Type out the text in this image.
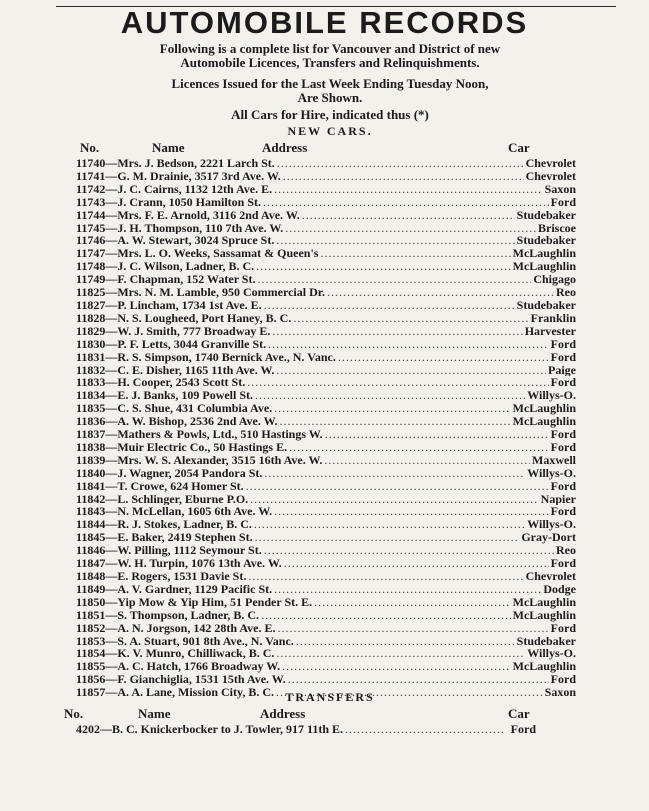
AUTOMOBILE RECORDS
Following is a complete list for Vancouver and District of new
Automobile Licences, Transfers and Relinquishments.
Licences Issued for the Last Week Ending Tuesday Noon,
Are Shown.
All Cars for Hire, indicated thus (*)
NEW CARS.
No.	Name	Address	Car
11740—Mrs. J. Bedson, 2221 Larch St. .....	Chevrolet
11741—G. M. Drainie, 3517 3rd Ave. W. .....	Chevrolet
11742—J. C. Cairns, 1132 12th Ave. E. .....	Saxon
11743—J. Crann, 1050 Hamilton St. .....	Ford
11744—Mrs. F. E. Arnold, 3116 2nd Ave. W. .....	Studebaker
11745—J. H. Thompson, 110 7th Ave. W. .....	Briscoe
11746—A. W. Stewart, 3024 Spruce St. .....	Studebaker
11747—Mrs. L. O. Weeks, Sassamat & Queen's .....	McLaughlin
11748—J. C. Wilson, Ladner, B. C. .....	McLaughlin
11749—F. Chapman, 152 Water St. .....	Chigago
11825—Mrs. N. M. Lamble, 950 Commercial Dr. .....	Reo
11827—P. Lincham, 1734 1st Ave. E. .....	Studebaker
11828—N. S. Lougheed, Port Haney, B. C. .....	Franklin
11829—W. J. Smith, 777 Broadway E. .....	Harvester
11830—P. F. Letts, 3044 Granville St. .....	Ford
11831—R. S. Simpson, 1740 Bernick Ave., N. Vanc. .....	Ford
11832—C. E. Disher, 1165 11th Ave. W. .....	Paige
11833—H. Cooper, 2543 Scott St. .....	Ford
11834—E. J. Banks, 109 Powell St. .....	Willys-O.
11835—C. S. Shue, 431 Columbia Ave. .....	McLaughlin
11836—A. W. Bishop, 2536 2nd Ave. W. .....	McLaughlin
11837—Mathers & Powls, Ltd., 510 Hastings W. .....	Ford
11838—Muir Electric Co., 50 Hastings E. .....	Ford
11839—Mrs. W. S. Alexander, 3515 16th Ave. W. .....	Maxwell
11840—J. Wagner, 2054 Pandora St. .....	Willys-O.
11841—T. Crowe, 624 Homer St. .....	Ford
11842—L. Schlinger, Eburne P.O. .....	Napier
11843—N. McLellan, 1605 6th Ave. W. .....	Ford
11844—R. J. Stokes, Ladner, B. C. .....	Willys-O.
11845—E. Baker, 2419 Stephen St. .....	Gray-Dort
11846—W. Pilling, 1112 Seymour St. .....	Reo
11847—W. H. Turpin, 1076 13th Ave. W. .....	Ford
11848—E. Rogers, 1531 Davie St. .....	Chevrolet
11849—A. V. Gardner, 1129 Pacific St. .....	Dodge
11850—Yip Mow & Yip Him, 51 Pender St. E. .....	McLaughlin
11851—S. Thompson, Ladner, B. C. .....	McLaughlin
11852—A. N. Jorgson, 142 28th Ave. E. .....	Ford
11853—S. A. Stuart, 901 8th Ave., N. Vanc. .....	Studebaker
11854—K. V. Munro, Chilliwack, B. C. .....	Willys-O.
11855—A. C. Hatch, 1766 Broadway W. .....	McLaughlin
11856—F. Gianchiglia, 1531 15th Ave. W. .....	Ford
11857—A. A. Lane, Mission City, B. C. .....	Saxon
TRANSFERS
No.	Name	Address	Car
4202—B. C. Knickerbocker to J. Towler, 917 11th E. .....	Ford
